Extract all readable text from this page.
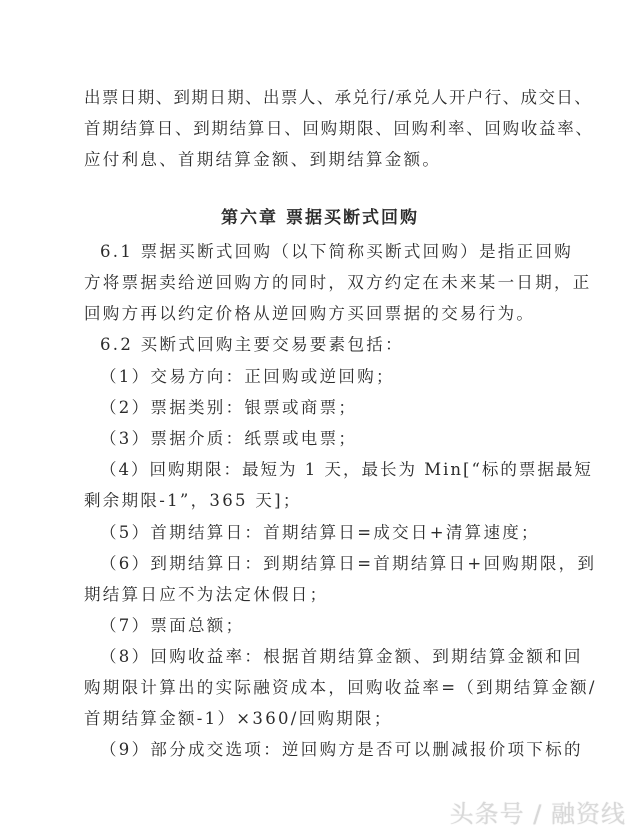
出票日期、到期日期、出票人、承兑行/承兑人开户行、成交日、
首期结算日、到期结算日、回购期限、回购利率、回购收益率、
应付利息、首期结算金额、到期结算金额。
第六章 票据买断式回购
6.1 票据买断式回购（以下简称买断式回购）是指正回购
方将票据卖给逆回购方的同时，双方约定在未来某一日期，正
回购方再以约定价格从逆回购方买回票据的交易行为。
6.2 买断式回购主要交易要素包括：
（1）交易方向：正回购或逆回购；
（2）票据类别：银票或商票；
（3）票据介质：纸票或电票；
（4）回购期限：最短为 1 天，最长为 Min[“标的票据最短
剩余期限-1”，365 天]；
（5）首期结算日：首期结算日=成交日+清算速度；
（6）到期结算日：到期结算日=首期结算日+回购期限，到
期结算日应不为法定休假日；
（7）票面总额；
（8）回购收益率：根据首期结算金额、到期结算金额和回
购期限计算出的实际融资成本，回购收益率=（到期结算金额/
首期结算金额-1）×360/回购期限；
（9）部分成交选项：逆回购方是否可以删减报价项下标的
头条号 / 融资线
